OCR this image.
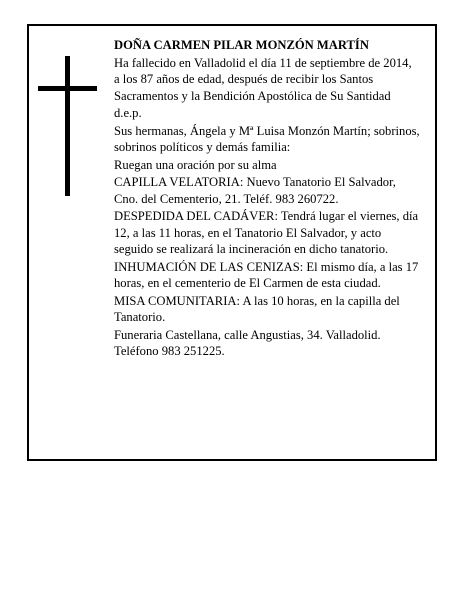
DOÑA CARMEN PILAR MONZÓN MARTÍN

Ha fallecido en Valladolid el día 11 de septiembre de 2014, a los 87 años de edad, después de recibir los Santos Sacramentos y la Bendición Apostólica de Su Santidad

d.e.p.

Sus hermanas, Ángela y Mª Luisa Monzón Martín; sobrinos, sobrinos políticos y demás familia:

Ruegan una oración por su alma

CAPILLA VELATORIA: Nuevo Tanatorio El Salvador, Cno. del Cementerio, 21. Teléf. 983 260722.

DESPEDIDA DEL CADÁVER: Tendrá lugar el viernes, día 12, a las 11 horas, en el Tanatorio El Salvador, y acto seguido se realizará la incineración en dicho tanatorio.

INHUMACIÓN DE LAS CENIZAS: El mismo día, a las 17 horas, en el cementerio de El Carmen de esta ciudad.

MISA COMUNITARIA: A las 10 horas, en la capilla del Tanatorio.

Funeraria Castellana, calle Angustias, 34. Valladolid. Teléfono 983 251225.
